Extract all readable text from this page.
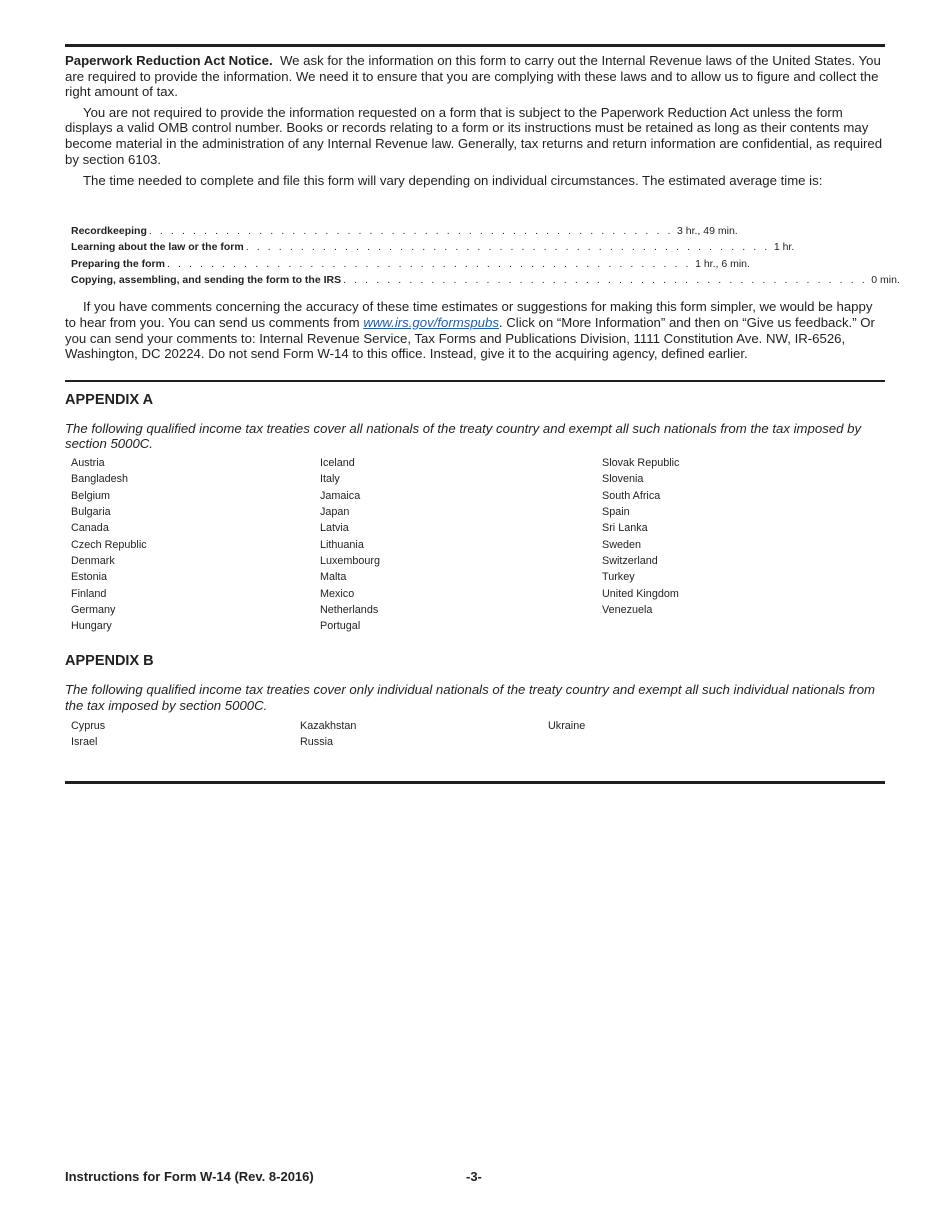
Paperwork Reduction Act Notice. We ask for the information on this form to carry out the Internal Revenue laws of the United States. You are required to provide the information. We need it to ensure that you are complying with these laws and to allow us to figure and collect the right amount of tax.

You are not required to provide the information requested on a form that is subject to the Paperwork Reduction Act unless the form displays a valid OMB control number. Books or records relating to a form or its instructions must be retained as long as their contents may become material in the administration of any Internal Revenue law. Generally, tax returns and return information are confidential, as required by section 6103.

The time needed to complete and file this form will vary depending on individual circumstances. The estimated average time is:

Recordkeeping . . . . . . . . . . . . . . . . . . . . . . . . . . . . . . . . . . . . . . . . . . . . . . . . 3 hr., 49 min.
Learning about the law or the form . . . . . . . . . . . . . . . . . . . . . . . . . . . . . . . . . . . . . . . . . . . . . . . . 1 hr.
Preparing the form . . . . . . . . . . . . . . . . . . . . . . . . . . . . . . . . . . . . . . . . . . . . . . . . 1 hr., 6 min.
Copying, assembling, and sending the form to the IRS . . . . . . . . . . . . . . . . . . . . . . . . . . . . . . . . . . . . . . . . . . . . . . . . 0 min.

If you have comments concerning the accuracy of these time estimates or suggestions for making this form simpler, we would be happy to hear from you. You can send us comments from www.irs.gov/formspubs. Click on “More Information” and then on “Give us feedback.” Or you can send your comments to: Internal Revenue Service, Tax Forms and Publications Division, 1111 Constitution Ave. NW, IR-6526, Washington, DC 20224. Do not send Form W-14 to this office. Instead, give it to the acquiring agency, defined earlier.

APPENDIX A

The following qualified income tax treaties cover all nationals of the treaty country and exempt all such nationals from the tax imposed by section 5000C.

Austria
Bangladesh
Belgium
Bulgaria
Canada
Czech Republic
Denmark
Estonia
Finland
Germany
Hungary
Iceland
Italy
Jamaica
Japan
Latvia
Lithuania
Luxembourg
Malta
Mexico
Netherlands
Portugal
Slovak Republic
Slovenia
South Africa
Spain
Sri Lanka
Sweden
Switzerland
Turkey
United Kingdom
Venezuela
APPENDIX B

The following qualified income tax treaties cover only individual nationals of the treaty country and exempt all such individual nationals from the tax imposed by section 5000C.

Cyprus
Israel
Kazakhstan
Russia
Ukraine
Instructions for Form W-14 (Rev. 8-2016)	-3-
